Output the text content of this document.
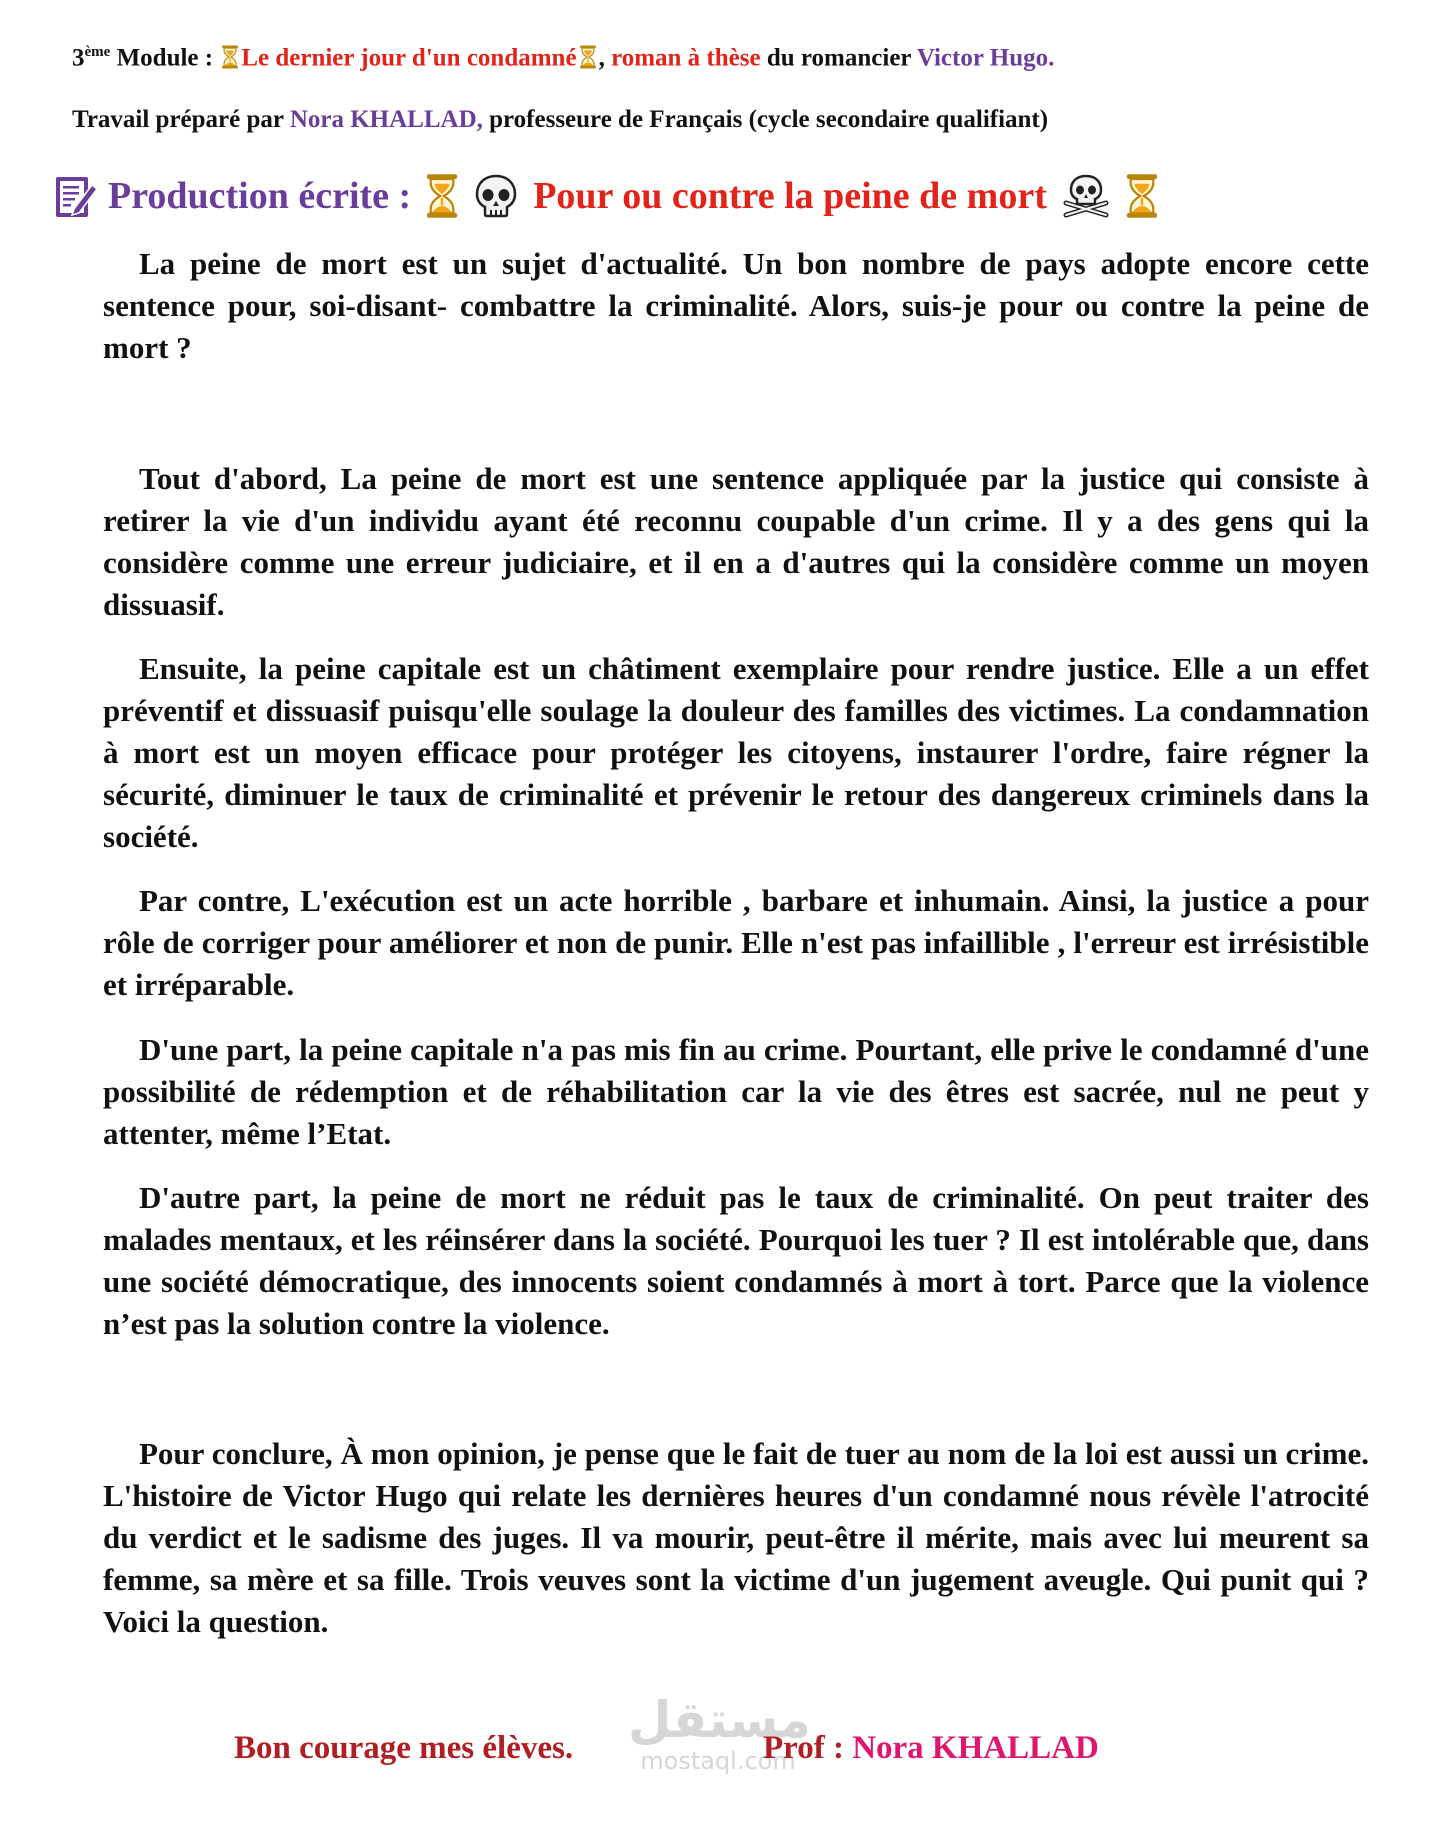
3ème Module : Le dernier jour d'un condamné , roman à thèse du romancier Victor Hugo.
Travail préparé par Nora KHALLAD, professeure de Français (cycle secondaire qualifiant)
Production écrite :	Pour ou contre la peine de mort

La peine de mort est un sujet d'actualité. Un bon nombre de pays adopte encore cette sentence pour, soi-disant- combattre la criminalité. Alors, suis-je pour ou contre la peine de mort ?

Tout d'abord, La peine de mort est une sentence appliquée par la justice qui consiste à retirer la vie d'un individu ayant été reconnu coupable d'un crime. Il y a des gens qui la considère comme une erreur judiciaire, et il en a d'autres qui la considère comme un moyen dissuasif.

Ensuite, la peine capitale est un châtiment exemplaire pour rendre justice. Elle a un effet préventif et dissuasif puisqu'elle soulage la douleur des familles des victimes. La condamnation à mort est un moyen efficace pour protéger les citoyens, instaurer l'ordre, faire régner la sécurité, diminuer le taux de criminalité et prévenir le retour des dangereux criminels dans la société.

Par contre, L'exécution est un acte horrible , barbare et inhumain. Ainsi, la justice a pour rôle de corriger pour améliorer et non de punir. Elle n'est pas infaillible , l'erreur est irrésistible et irréparable.

D'une part, la peine capitale n'a pas mis fin au crime. Pourtant, elle prive le condamné d'une possibilité de rédemption et de réhabilitation car la vie des êtres est sacrée, nul ne peut y attenter, même l’Etat.

D'autre part, la peine de mort ne réduit pas le taux de criminalité. On peut traiter des malades mentaux, et les réinsérer dans la société. Pourquoi les tuer ? Il est intolérable que, dans une société démocratique, des innocents soient condamnés à mort à tort. Parce que la violence n’est pas la solution contre la violence.

Pour conclure, À mon opinion, je pense que le fait de tuer au nom de la loi est aussi un crime. L'histoire de Victor Hugo qui relate les dernières heures d'un condamné nous révèle l'atrocité du verdict et le sadisme des juges. Il va mourir, peut-être il mérite, mais avec lui meurent sa femme, sa mère et sa fille. Trois veuves sont la victime d'un jugement aveugle. Qui punit qui ? Voici la question.

مستقل
mostaql.com
Bon courage mes élèves.	Prof : Nora KHALLAD
